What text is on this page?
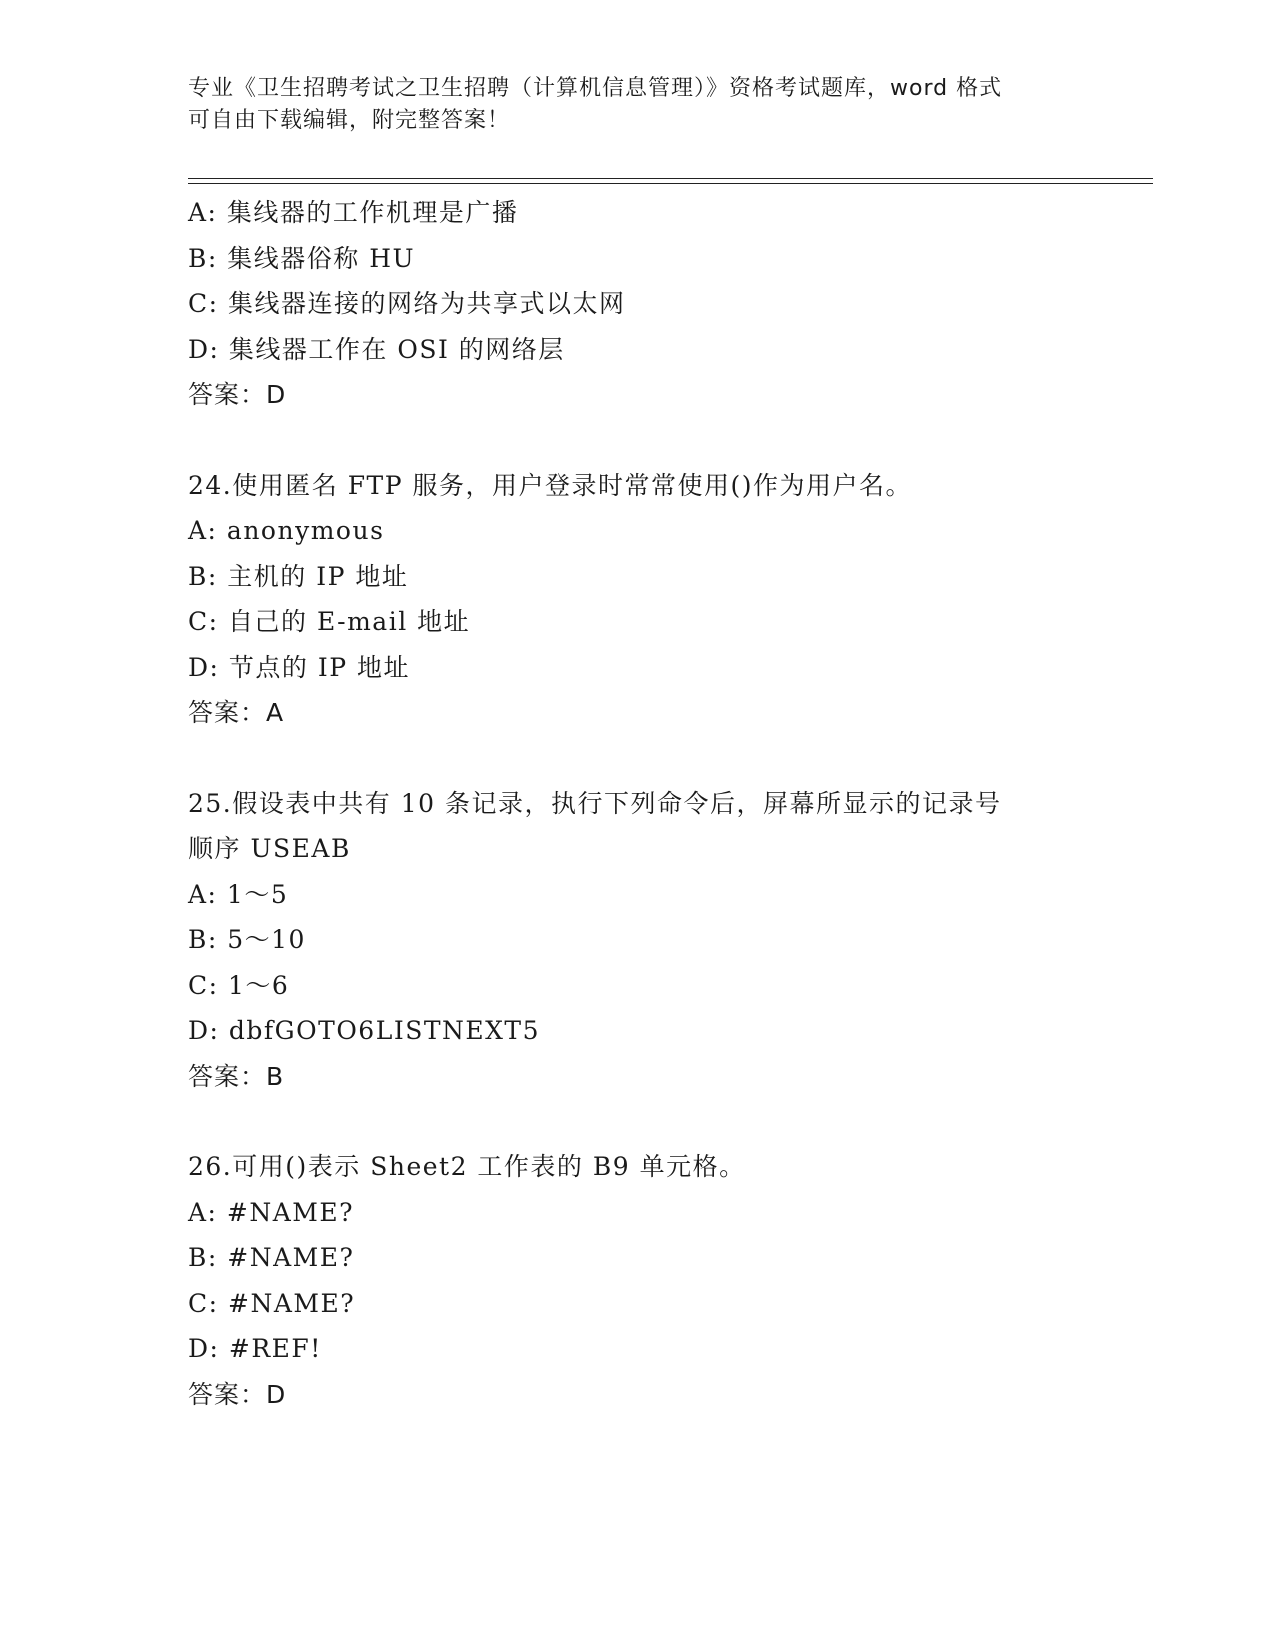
专业《卫生招聘考试之卫生招聘（计算机信息管理）》资格考试题库，word 格式
可自由下载编辑，附完整答案！
A: 集线器的工作机理是广播
B: 集线器俗称 HU
C: 集线器连接的网络为共享式以太网
D: 集线器工作在 OSI 的网络层
答案：D
24.使用匿名 FTP 服务，用户登录时常常使用()作为用户名。
A: anonymous
B: 主机的 IP 地址
C: 自己的 E-mail 地址
D: 节点的 IP 地址
答案：A
25.假设表中共有 10 条记录，执行下列命令后，屏幕所显示的记录号
顺序 USEAB
A: 1～5
B: 5～10
C: 1～6
D: dbfGOTO6LISTNEXT5
答案：B
26.可用()表示 Sheet2 工作表的 B9 单元格。
A: #NAME?
B: #NAME?
C: #NAME?
D: #REF!
答案：D
